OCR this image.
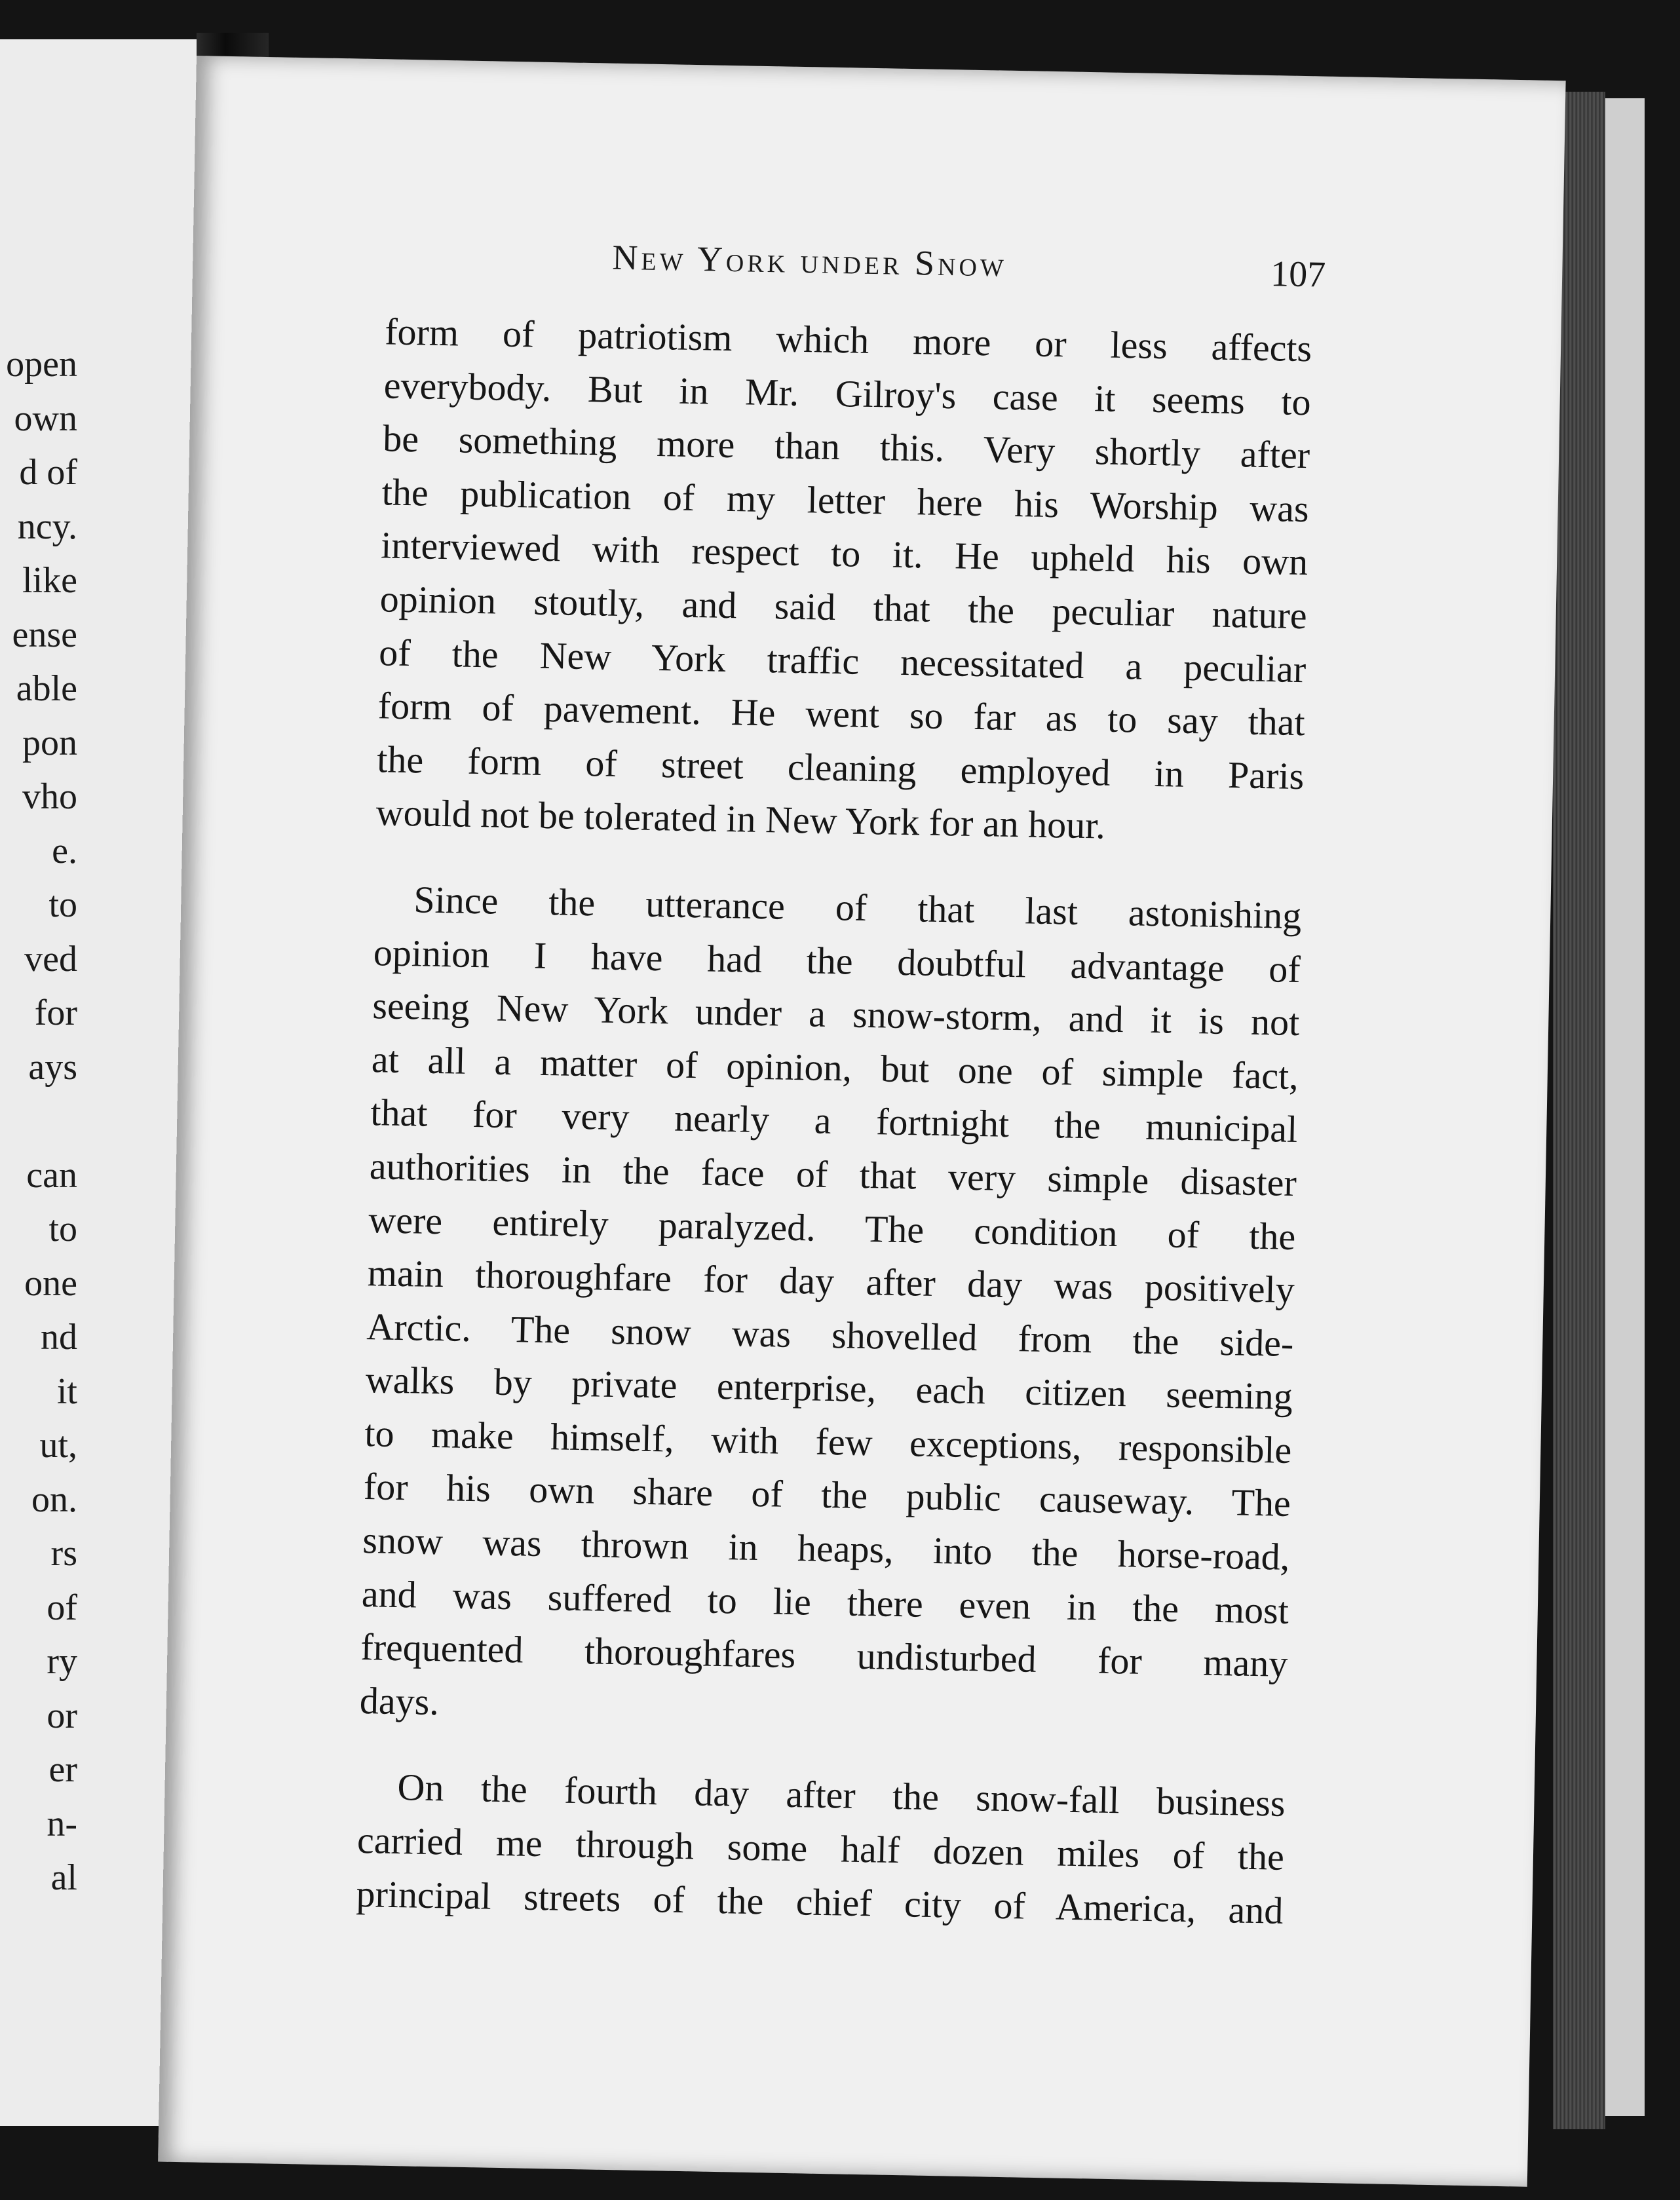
open
own
d of
ncy.
like
ense
able
pon
vho
e.
to
ved
for
ays
can
to
one
nd
it
ut,
on.
rs
of
ry
or
er
n-
al
New York under Snow	107
form of patriotism which more or less affects
everybody. But in Mr. Gilroy's case it seems to
be something more than this. Very shortly after
the publication of my letter here his Worship was
interviewed with respect to it. He upheld his own
opinion stoutly, and said that the peculiar nature
of the New York traffic necessitated a peculiar
form of pavement. He went so far as to say that
the form of street cleaning employed in Paris
would not be tolerated in New York for an hour.
Since the utterance of that last astonishing
opinion I have had the doubtful advantage of
seeing New York under a snow-storm, and it is not
at all a matter of opinion, but one of simple fact,
that for very nearly a fortnight the municipal
authorities in the face of that very simple disaster
were entirely paralyzed. The condition of the
main thoroughfare for day after day was positively
Arctic. The snow was shovelled from the side-
walks by private enterprise, each citizen seeming
to make himself, with few exceptions, responsible
for his own share of the public causeway. The
snow was thrown in heaps, into the horse-road,
and was suffered to lie there even in the most
frequented thoroughfares undisturbed for many
days.
On the fourth day after the snow-fall business
carried me through some half dozen miles of the
principal streets of the chief city of America, and
